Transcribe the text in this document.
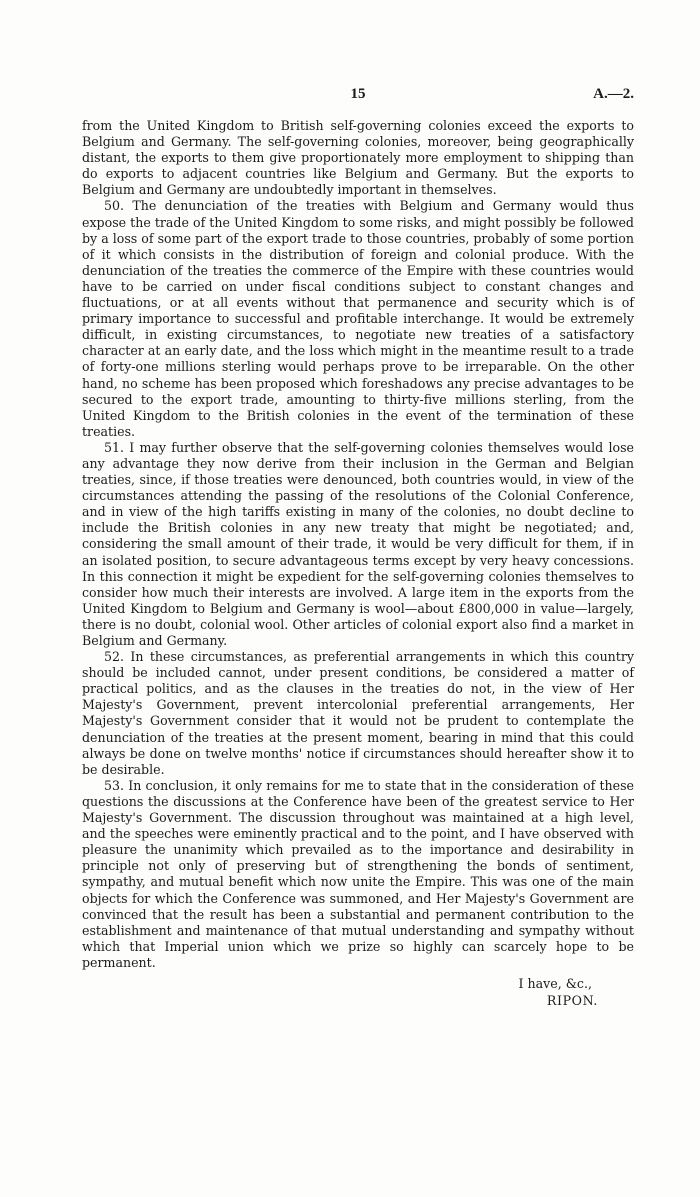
15	A.—2.

from the United Kingdom to British self-governing colonies exceed the exports to Belgium and Germany. The self-governing colonies, moreover, being geographically distant, the exports to them give proportionately more employment to shipping than do exports to adjacent countries like Belgium and Germany. But the exports to Belgium and Germany are undoubtedly important in themselves.

50. The denunciation of the treaties with Belgium and Germany would thus expose the trade of the United Kingdom to some risks, and might possibly be followed by a loss of some part of the export trade to those countries, probably of some portion of it which consists in the distribution of foreign and colonial produce. With the denunciation of the treaties the commerce of the Empire with these countries would have to be carried on under fiscal conditions subject to constant changes and fluctuations, or at all events without that permanence and security which is of primary importance to successful and profitable interchange. It would be extremely difficult, in existing circumstances, to negotiate new treaties of a satisfactory character at an early date, and the loss which might in the meantime result to a trade of forty-one millions sterling would perhaps prove to be irreparable. On the other hand, no scheme has been proposed which foreshadows any precise advantages to be secured to the export trade, amounting to thirty-five millions sterling, from the United Kingdom to the British colonies in the event of the termination of these treaties.

51. I may further observe that the self-governing colonies themselves would lose any advantage they now derive from their inclusion in the German and Belgian treaties, since, if those treaties were denounced, both countries would, in view of the circumstances attending the passing of the resolutions of the Colonial Conference, and in view of the high tariffs existing in many of the colonies, no doubt decline to include the British colonies in any new treaty that might be negotiated; and, considering the small amount of their trade, it would be very difficult for them, if in an isolated position, to secure advantageous terms except by very heavy concessions. In this connection it might be expedient for the self-governing colonies themselves to consider how much their interests are involved. A large item in the exports from the United Kingdom to Belgium and Germany is wool—about £800,000 in value—largely, there is no doubt, colonial wool. Other articles of colonial export also find a market in Belgium and Germany.

52. In these circumstances, as preferential arrangements in which this country should be included cannot, under present conditions, be considered a matter of practical politics, and as the clauses in the treaties do not, in the view of Her Majesty's Government, prevent intercolonial preferential arrangements, Her Majesty's Government consider that it would not be prudent to contemplate the denunciation of the treaties at the present moment, bearing in mind that this could always be done on twelve months' notice if circumstances should hereafter show it to be desirable.

53. In conclusion, it only remains for me to state that in the consideration of these questions the discussions at the Conference have been of the greatest service to Her Majesty's Government. The discussion throughout was maintained at a high level, and the speeches were eminently practical and to the point, and I have observed with pleasure the unanimity which prevailed as to the importance and desirability in principle not only of preserving but of strengthening the bonds of sentiment, sympathy, and mutual benefit which now unite the Empire. This was one of the main objects for which the Conference was summoned, and Her Majesty's Government are convinced that the result has been a substantial and permanent contribution to the establishment and maintenance of that mutual understanding and sympathy without which that Imperial union which we prize so highly can scarcely hope to be permanent.

I have, &c.,
RIPON.
